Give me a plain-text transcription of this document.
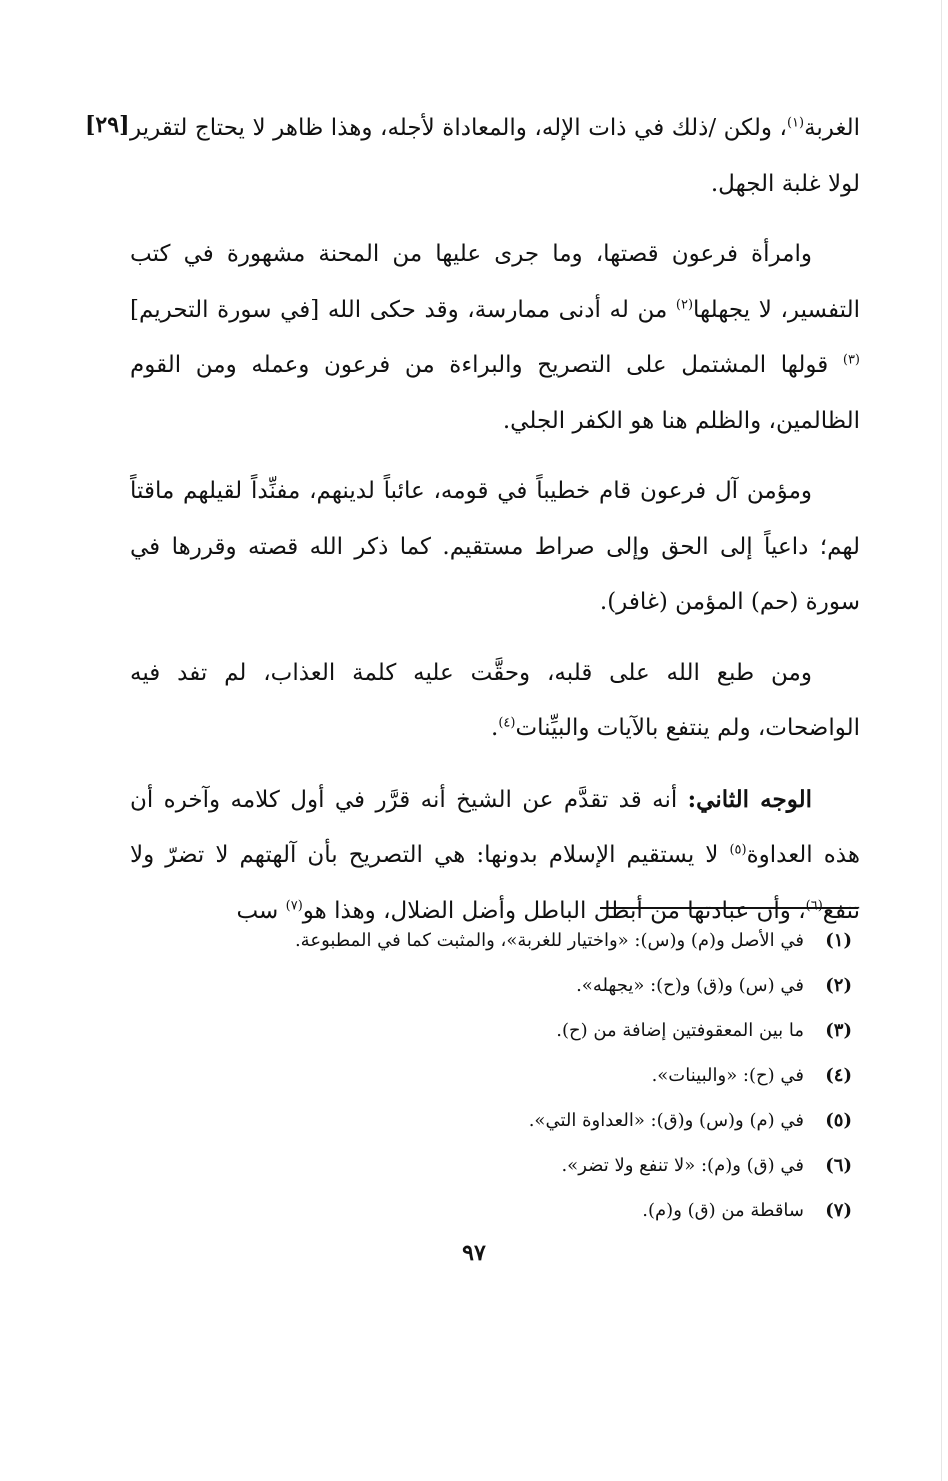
[٢٩]	الغربة$^{(١)}$، ولكن /ذلك في ذات الإله، والمعاداة لأجله، وهذا ظاهر لا يحتاج لتقرير لولا غلبة الجهل.

وامرأة فرعون قصتها، وما جرى عليها من المحنة مشهورة في كتب التفسير، لا يجهلها$^{(٢)}$ من له أدنى ممارسة، وقد حكى الله [في سورة التحريم]$^{(٣)}$ قولها المشتمل على التصريح والبراءة من فرعون وعمله ومن القوم الظالمين، والظلم هنا هو الكفر الجلي.

ومؤمن آل فرعون قام خطيباً في قومه، عائباً لدينهم، مفنِّداً لقيلهم ماقتاً لهم؛ داعياً إلى الحق وإلى صراط مستقيم. كما ذكر الله قصته وقررها في سورة (حم) المؤمن (غافر).

ومن طبع الله على قلبه، وحقَّت عليه كلمة العذاب، لم تفد فيه الواضحات، ولم ينتفع بالآيات والبيِّنات$^{(٤)}$.

الوجه الثاني: أنه قد تقدَّم عن الشيخ أنه قرَّر في أول كلامه وآخره أن هذه العداوة$^{(٥)}$ لا يستقيم الإسلام بدونها: هي التصريح بأن آلهتهم لا تضرّ ولا تنفع$^{(٦)}$، وأن عبادتها من أبطل الباطل وأضل الضلال، وهذا هو$^{(٧)}$ سب

(١)
في الأصل و(م) و(س): «واختيار للغربة»، والمثبت كما في المطبوعة.
(٢)
في (س) و(ق) و(ح): «يجهله».
(٣)
ما بين المعقوفتين إضافة من (ح).
(٤)
في (ح): «والبينات».
(٥)
في (م) و(س) و(ق): «العداوة التي».
(٦)
في (ق) و(م): «لا تنفع ولا تضر».
(٧)
ساقطة من (ق) و(م).
٩٧
